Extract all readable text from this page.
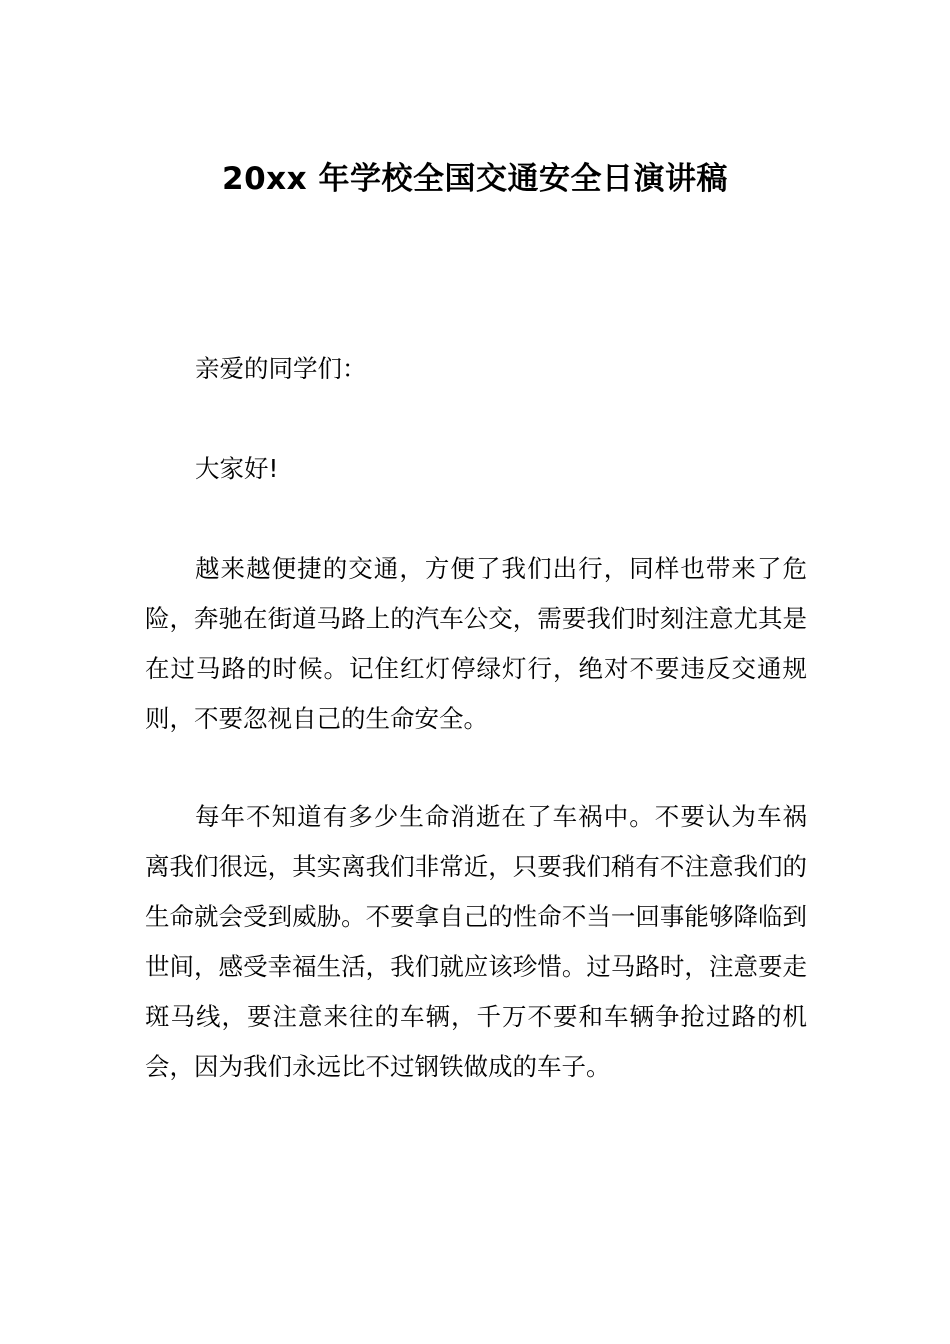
20xx 年学校全国交通安全日演讲稿
亲爱的同学们：
大家好!
越来越便捷的交通，方便了我们出行，同样也带来了危险，奔驰在街道马路上的汽车公交，需要我们时刻注意尤其是在过马路的时候。记住红灯停绿灯行，绝对不要违反交通规则，不要忽视自己的生命安全。
每年不知道有多少生命消逝在了车祸中。不要认为车祸离我们很远，其实离我们非常近，只要我们稍有不注意我们的生命就会受到威胁。不要拿自己的性命不当一回事能够降临到世间，感受幸福生活，我们就应该珍惜。过马路时，注意要走斑马线，要注意来往的车辆，千万不要和车辆争抢过路的机会，因为我们永远比不过钢铁做成的车子。
